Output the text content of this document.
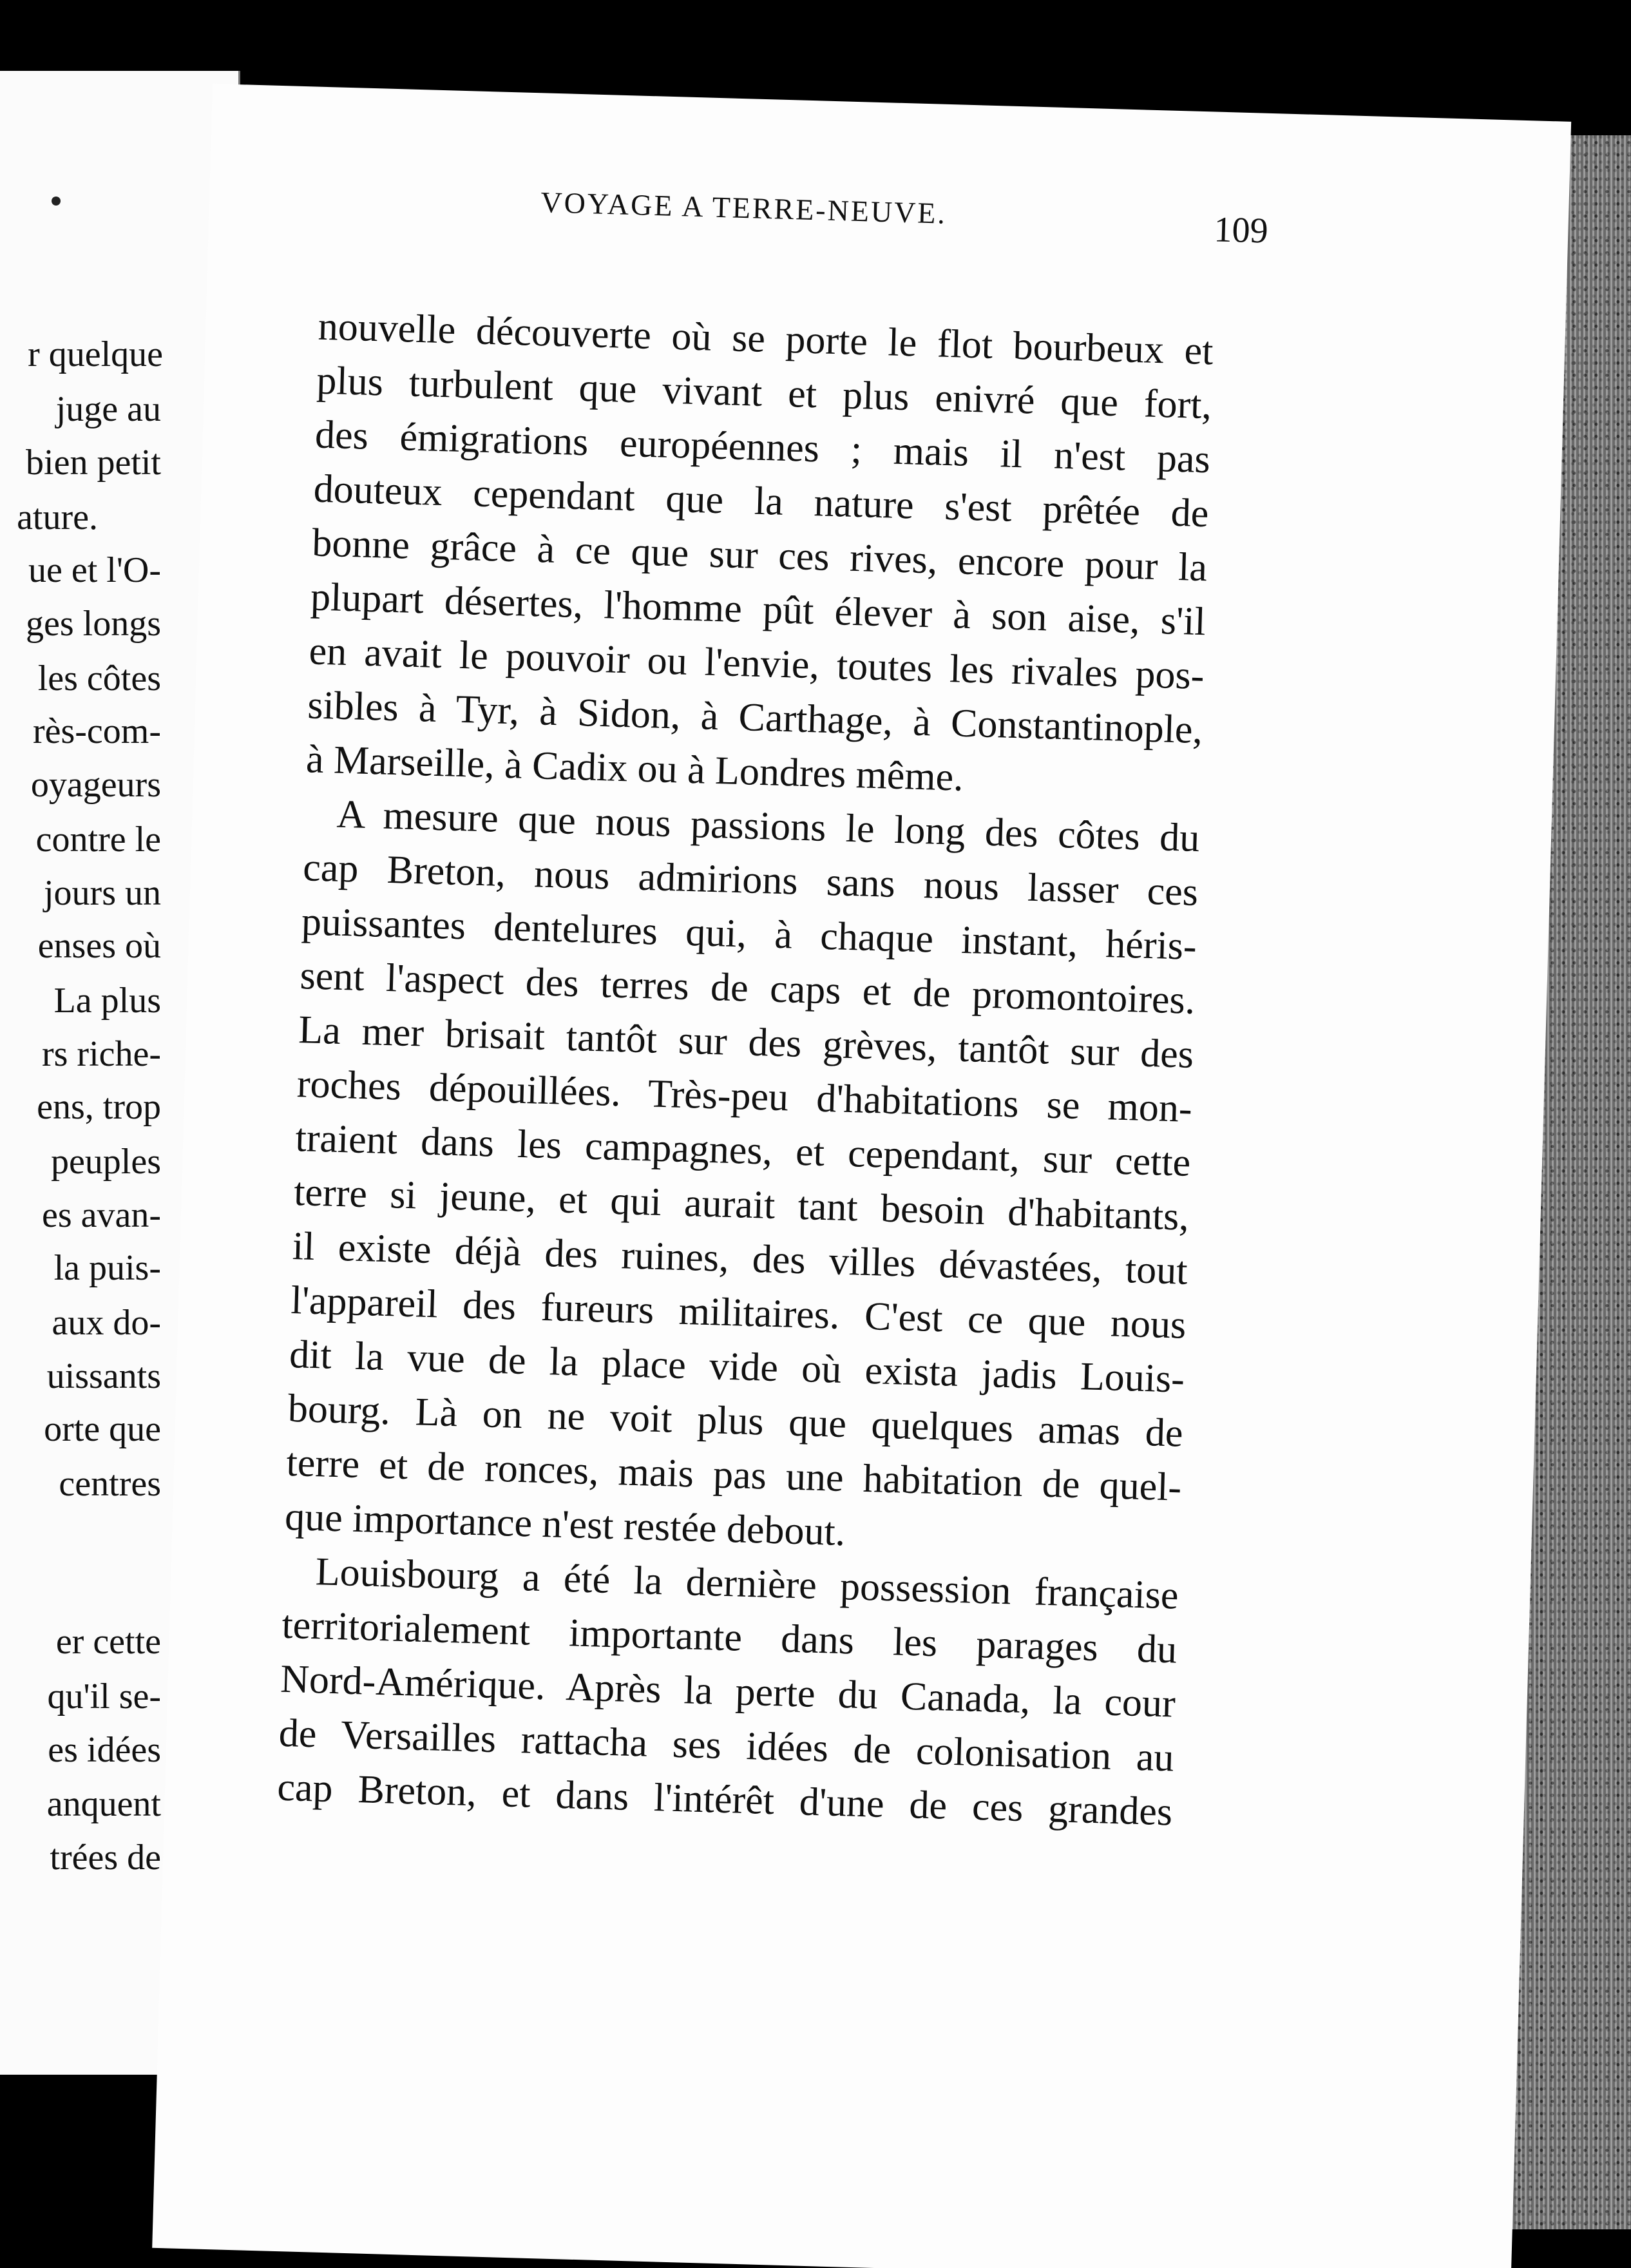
r quelque
juge au
bien petit
ature.
ue et l'O-
ges longs
les côtes
rès-com-
oyageurs
contre le
jours un
enses où
La plus
rs riche-
ens, trop
peuples
es avan-
la puis-
aux do-
uissants
orte que
centres
er cette
qu'il se-
es idées
anquent
trées de
VOYAGE A TERRE-NEUVE.
109
nouvelle découverte où se porte le flot bourbeux et
plus turbulent que vivant et plus enivré que fort,
des émigrations européennes ; mais il n'est pas
douteux cependant que la nature s'est prêtée de
bonne grâce à ce que sur ces rives, encore pour la
plupart désertes, l'homme pût élever à son aise, s'il
en avait le pouvoir ou l'envie, toutes les rivales pos-
sibles à Tyr, à Sidon, à Carthage, à Constantinople,
à Marseille, à Cadix ou à Londres même.
A mesure que nous passions le long des côtes du
cap Breton, nous admirions sans nous lasser ces
puissantes dentelures qui, à chaque instant, héris-
sent l'aspect des terres de caps et de promontoires.
La mer brisait tantôt sur des grèves, tantôt sur des
roches dépouillées. Très-peu d'habitations se mon-
traient dans les campagnes, et cependant, sur cette
terre si jeune, et qui aurait tant besoin d'habitants,
il existe déjà des ruines, des villes dévastées, tout
l'appareil des fureurs militaires. C'est ce que nous
dit la vue de la place vide où exista jadis Louis-
bourg. Là on ne voit plus que quelques amas de
terre et de ronces, mais pas une habitation de quel-
que importance n'est restée debout.
Louisbourg a été la dernière possession française
territorialement importante dans les parages du
Nord-Amérique. Après la perte du Canada, la cour
de Versailles rattacha ses idées de colonisation au
cap Breton, et dans l'intérêt d'une de ces grandes
